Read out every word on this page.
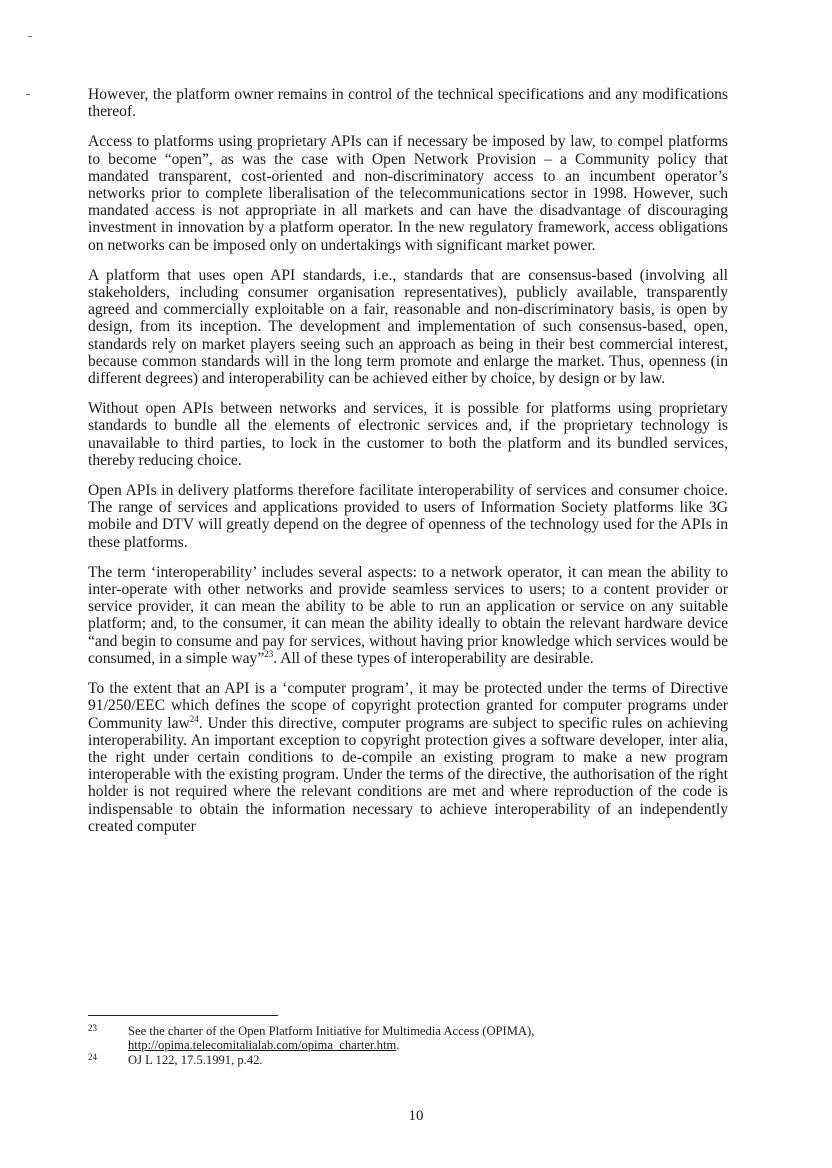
However, the platform owner remains in control of the technical specifications and any modifications thereof.

Access to platforms using proprietary APIs can if necessary be imposed by law, to compel platforms to become “open”, as was the case with Open Network Provision – a Community policy that mandated transparent, cost-oriented and non-discriminatory access to an incumbent operator’s networks prior to complete liberalisation of the telecommunications sector in 1998. However, such mandated access is not appropriate in all markets and can have the disadvantage of discouraging investment in innovation by a platform operator. In the new regulatory framework, access obligations on networks can be imposed only on undertakings with significant market power.

A platform that uses open API standards, i.e., standards that are consensus-based (involving all stakeholders, including consumer organisation representatives), publicly available, transparently agreed and commercially exploitable on a fair, reasonable and non-discriminatory basis, is open by design, from its inception. The development and implementation of such consensus-based, open, standards rely on market players seeing such an approach as being in their best commercial interest, because common standards will in the long term promote and enlarge the market. Thus, openness (in different degrees) and interoperability can be achieved either by choice, by design or by law.

Without open APIs between networks and services, it is possible for platforms using proprietary standards to bundle all the elements of electronic services and, if the proprietary technology is unavailable to third parties, to lock in the customer to both the platform and its bundled services, thereby reducing choice.

Open APIs in delivery platforms therefore facilitate interoperability of services and consumer choice. The range of services and applications provided to users of Information Society platforms like 3G mobile and DTV will greatly depend on the degree of openness of the technology used for the APIs in these platforms.

The term ‘interoperability’ includes several aspects: to a network operator, it can mean the ability to inter-operate with other networks and provide seamless services to users; to a content provider or service provider, it can mean the ability to be able to run an application or service on any suitable platform; and, to the consumer, it can mean the ability ideally to obtain the relevant hardware device “and begin to consume and pay for services, without having prior knowledge which services would be consumed, in a simple way”$^{23}$. All of these types of interoperability are desirable.

To the extent that an API is a ‘computer program’, it may be protected under the terms of Directive 91/250/EEC which defines the scope of copyright protection granted for computer programs under Community law$^{24}$. Under this directive, computer programs are subject to specific rules on achieving interoperability. An important exception to copyright protection gives a software developer, inter alia, the right under certain conditions to de-compile an existing program to make a new program interoperable with the existing program. Under the terms of the directive, the authorisation of the right holder is not required where the relevant conditions are met and where reproduction of the code is indispensable to obtain the information necessary to achieve interoperability of an independently created computer

23 See the charter of the Open Platform Initiative for Multimedia Access (OPIMA),
http://opima.telecomitalialab.com/opima_charter.htm.
24 OJ L 122, 17.5.1991, p.42.
10
